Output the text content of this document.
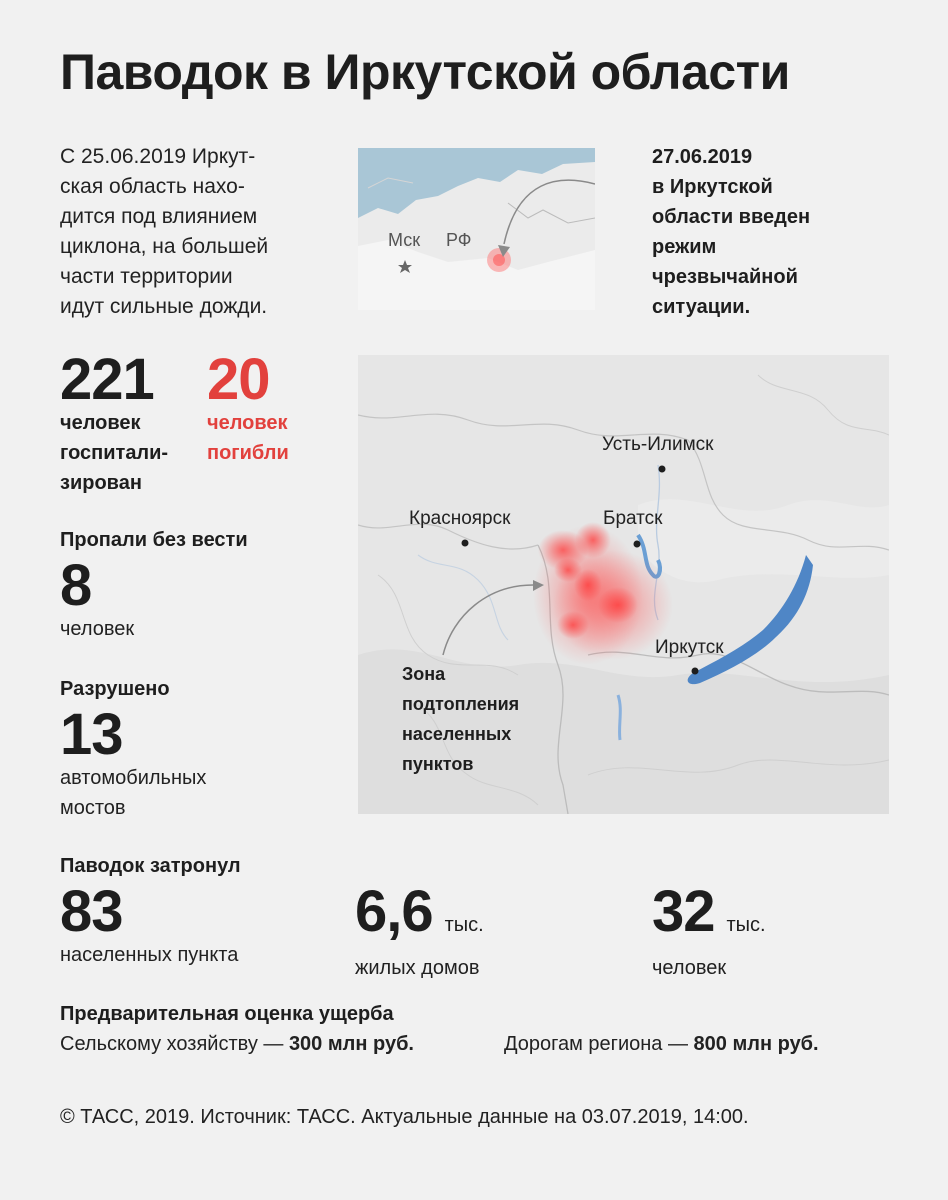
Паводок в Иркутской области
С 25.06.2019 Иркут-
ская область нахо-
дится под влиянием
циклона, на большей
части территории
идут сильные дожди.
Мск РФ
27.06.2019
в Иркутской
области введен
режим
чрезвычайной
ситуации.
221
человек
госпитали-
зирован
20
человек
погибли
Пропали без вести
8
человек
Разрушено
13
автомобильных
мостов
Усть-Илимск
Красноярск	Братск
Иркутск
Зона
подтопления
населенных
пунктов
Паводок затронул
83
населенных пункта
6,6 тыс.
жилых домов
32 тыс.
человек
Предварительная оценка ущерба
Сельскому хозяйству — 300 млн руб.	Дорогам региона — 800 млн руб.
© ТАСС, 2019. Источник: ТАСС. Актуальные данные на 03.07.2019, 14:00.
